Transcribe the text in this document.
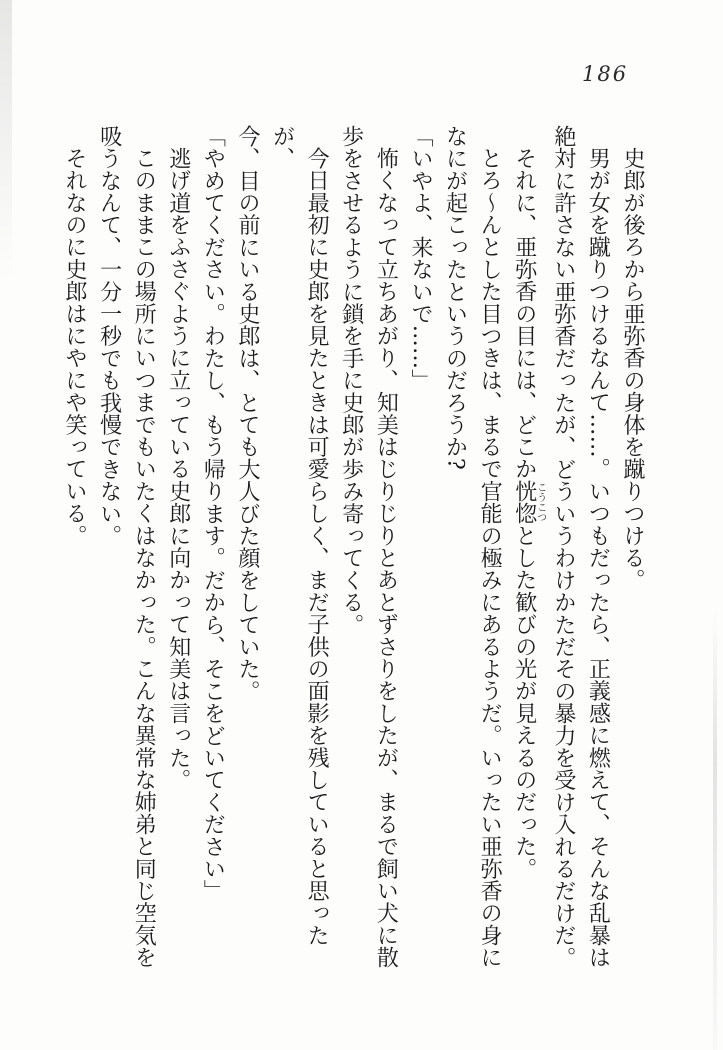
186
史郎が後ろから亜弥香の身体を蹴りつける。
男が女を蹴りつけるなんて……。いつもだったら、正義感に燃えて、そんな乱暴は
絶対に許さない亜弥香だったが、どういうわけかただその暴力を受け入れるだけだ。
それに、亜弥香の目には、どこか恍惚こうこつとした歓びの光が見えるのだった。
とろ〜んとした目つきは、まるで官能の極みにあるようだ。いったい亜弥香の身に
なにが起こったというのだろうか?
「いやよ、来ないで……」
怖くなって立ちあがり、知美はじりじりとあとずさりをしたが、まるで飼い犬に散
歩をさせるように鎖を手に史郎が歩み寄ってくる。
今日最初に史郎を見たときは可愛らしく、まだ子供の面影を残していると思ったが、
今、目の前にいる史郎は、とても大人びた顔をしていた。
「やめてください。わたし、もう帰ります。だから、そこをどいてください」
逃げ道をふさぐように立っている史郎に向かって知美は言った。
このままこの場所にいつまでもいたくはなかった。こんな異常な姉弟と同じ空気を
吸うなんて、一分一秒でも我慢できない。
それなのに史郎はにやにや笑っている。
